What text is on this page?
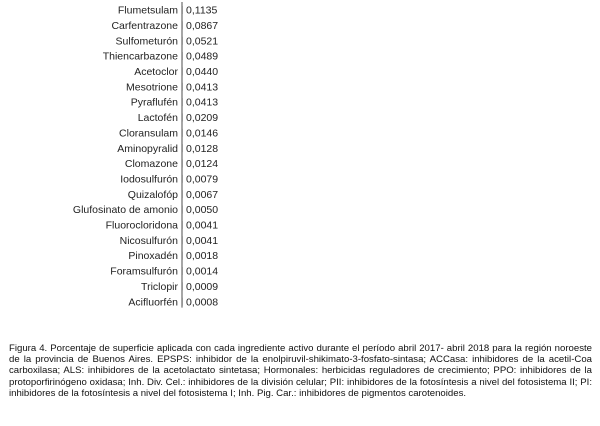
Flumetsulam 0,1135
Carfentrazone 0,0867
Sulfometurón 0,0521
Thiencarbazone 0,0489
Acetoclor 0,0440
Mesotrione 0,0413
Pyraflufén 0,0413
Lactofén 0,0209
Cloransulam 0,0146
Aminopyralid 0,0128
Clomazone 0,0124
Iodosulfurón 0,0079
Quizalofóp 0,0067
Glufosinato de amonio 0,0050
Fluorocloridona 0,0041
Nicosulfurón 0,0041
Pinoxadén 0,0018
Foramsulfurón 0,0014
Triclopir 0,0009
Acifluorfén 0,0008
Figura 4. Porcentaje de superficie aplicada con cada ingrediente activo durante el período abril 2017- abril 2018 para la región noroeste de la provincia de Buenos Aires. EPSPS: inhibidor de la enolpiruvil-shikimato-3-fosfato-sintasa; ACCasa: inhibidores de la acetil-Coa carboxilasa; ALS: inhibidores de la acetolactato sintetasa; Hormonales: herbicidas reguladores de crecimiento; PPO: inhibidores de la protoporfirinógeno oxidasa; Inh. Div. Cel.: inhibidores de la división celular; PII: inhibidores de la fotosíntesis a nivel del fotosistema II; PI: inhibidores de la fotosíntesis a nivel del fotosistema I; Inh. Pig. Car.: inhibidores de pigmentos carotenoides.
